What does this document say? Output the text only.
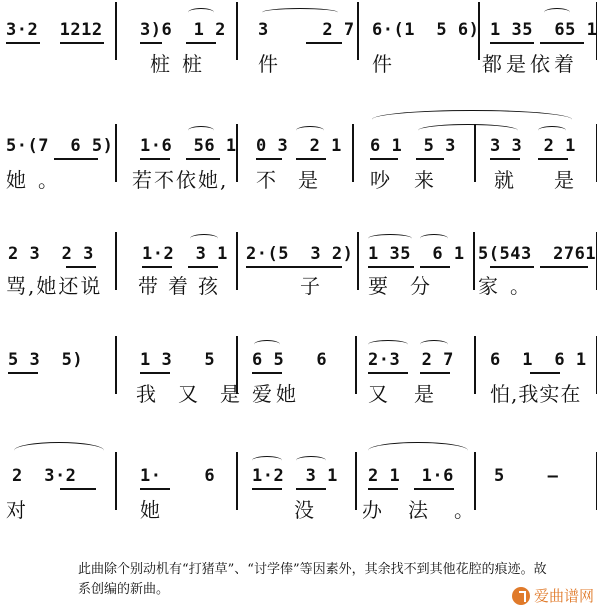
3·2  1212 3)6  1 2 3     2 7 6·(1  5 6) 1 35  65 1
桩桩 件	件	都是依着
5·(7  6 5) 1·6  56 1 0 3  2 1 6 1  5 3 3 3  2 1
她。	若不依她, 不是 吵来 就是
2 3  2 3	1·2  3 1 2·(5  3 2) 1 35  6 1 5(543  2761
骂,她还说 带着孩	子 要分 家。
5 3  5)	1 3   5 6 5   6 2·3  2 7 6  1  6 1
我又是
爱她	又是 怕,我实在
2  3·2	1·    6 1·2  3 1 2 1  1·6 5    —
对	她	没 办法。
此曲除个别动机有“打猪草”、“讨学俸”等因素外，其余找不到其他花腔的痕迹。故系创编的新曲。	爱曲谱网
